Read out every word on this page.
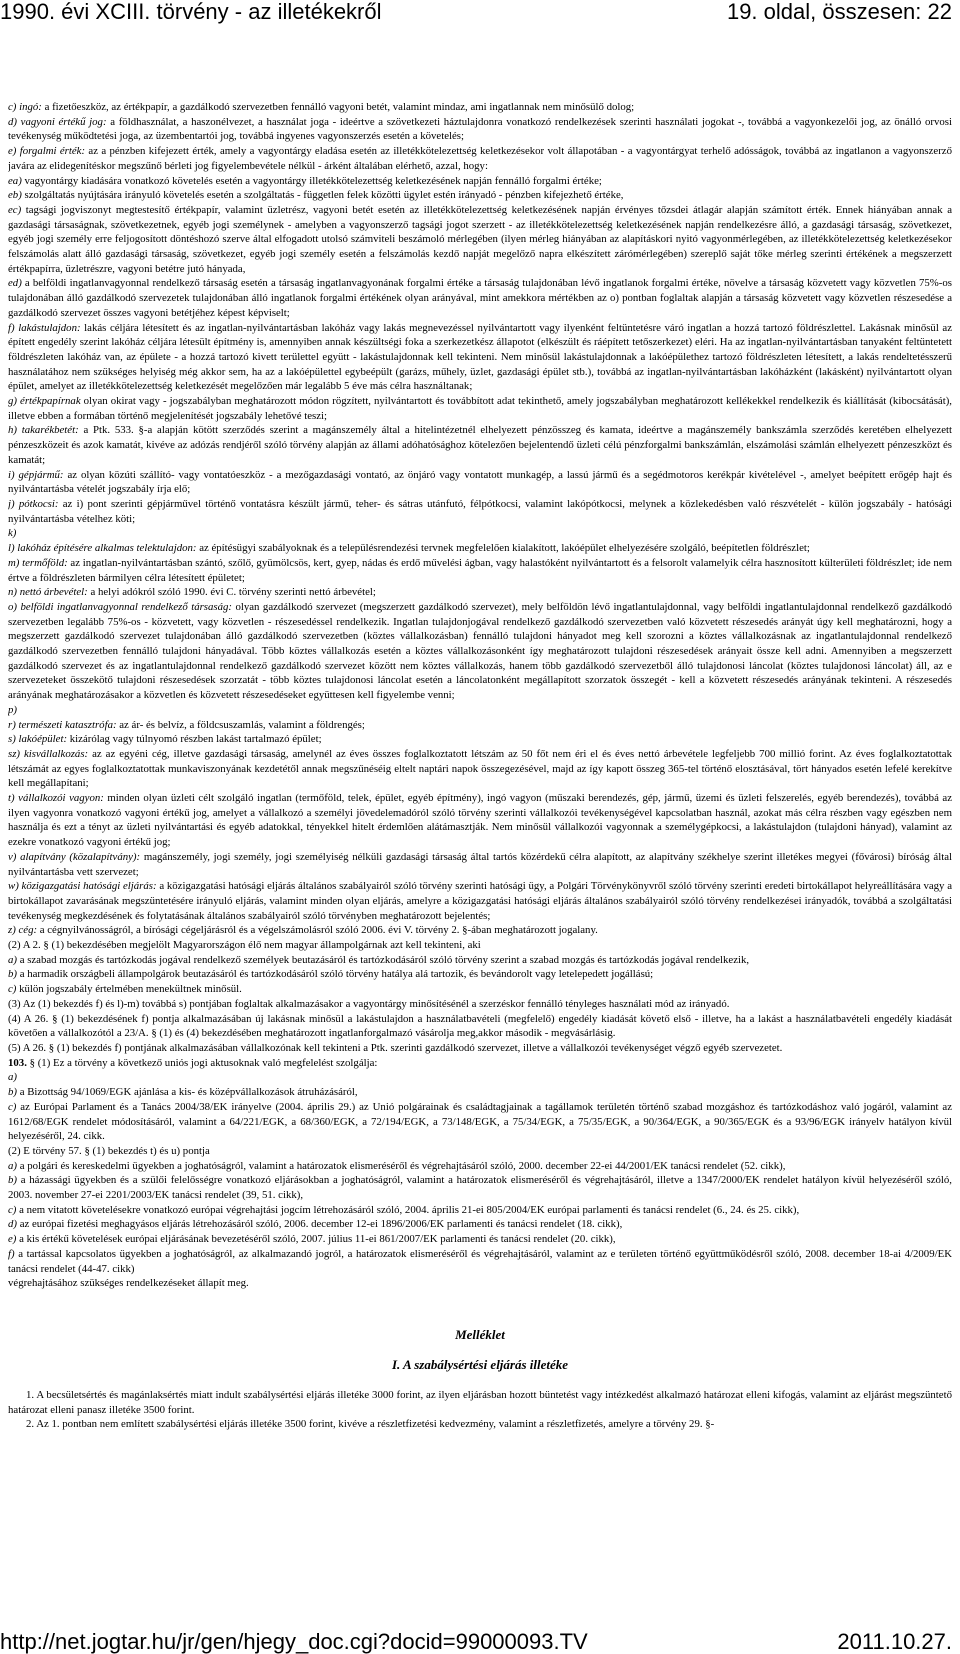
1990. évi XCIII. törvény - az illetékekről	19. oldal, összesen: 22

c) ingó: a fizetőeszköz, az értékpapír, a gazdálkodó szervezetben fennálló vagyoni betét, valamint mindaz, ami ingatlannak nem minősülő dolog;

d) vagyoni értékű jog: a földhasználat, a haszonélvezet, a használat joga - ideértve a szövetkezeti háztulajdonra vonatkozó rendelkezések szerinti használati jogokat -, továbbá a vagyonkezelői jog, az önálló orvosi tevékenység működtetési joga, az üzembentartói jog, továbbá ingyenes vagyonszerzés esetén a követelés;

e) forgalmi érték: az a pénzben kifejezett érték, amely a vagyontárgy eladása esetén az illetékkötelezettség keletkezésekor volt állapotában - a vagyontárgyat terhelő adósságok, továbbá az ingatlanon a vagyonszerző javára az elidegenítéskor megszűnő bérleti jog figyelembevétele nélkül - árként általában elérhető, azzal, hogy:

ea) vagyontárgy kiadására vonatkozó követelés esetén a vagyontárgy illetékkötelezettség keletkezésének napján fennálló forgalmi értéke;

eb) szolgáltatás nyújtására irányuló követelés esetén a szolgáltatás - független felek közötti ügylet estén irányadó - pénzben kifejezhető értéke,

ec) tagsági jogviszonyt megtestesítő értékpapír, valamint üzletrész, vagyoni betét esetén az illetékkötelezettség keletkezésének napján érvényes tőzsdei átlagár alapján számított érték. Ennek hiányában annak a gazdasági társaságnak, szövetkezetnek, egyéb jogi személynek - amelyben a vagyonszerző tagsági jogot szerzett - az illetékkötelezettség keletkezésének napján rendelkezésre álló, a gazdasági társaság, szövetkezet, egyéb jogi személy erre feljogosított döntéshozó szerve által elfogadott utolsó számviteli beszámoló mérlegében (ilyen mérleg hiányában az alapításkori nyitó vagyonmérlegében, az illetékkötelezettség keletkezésekor felszámolás alatt álló gazdasági társaság, szövetkezet, egyéb jogi személy esetén a felszámolás kezdő napját megelőző napra elkészített zárómérlegében) szereplő saját tőke mérleg szerinti értékének a megszerzett értékpapírra, üzletrészre, vagyoni betétre jutó hányada,

ed) a belföldi ingatlanvagyonnal rendelkező társaság esetén a társaság ingatlanvagyonának forgalmi értéke a társaság tulajdonában lévő ingatlanok forgalmi értéke, növelve a társaság közvetett vagy közvetlen 75%-os tulajdonában álló gazdálkodó szervezetek tulajdonában álló ingatlanok forgalmi értékének olyan arányával, mint amekkora mértékben az o) pontban foglaltak alapján a társaság közvetett vagy közvetlen részesedése a gazdálkodó szervezet összes vagyoni betétjéhez képest képviselt;

f) lakástulajdon: lakás céljára létesített és az ingatlan-nyilvántartásban lakóház vagy lakás megnevezéssel nyilvántartott vagy ilyenként feltüntetésre váró ingatlan a hozzá tartozó földrészlettel. Lakásnak minősül az épített engedély szerint lakóház céljára létesült építmény is, amennyiben annak készültségi foka a szerkezetkész állapotot (elkészült és ráépített tetőszerkezet) eléri. Ha az ingatlan-nyilvántartásban tanyaként feltüntetett földrészleten lakóház van, az épülete - a hozzá tartozó kivett területtel együtt - lakástulajdonnak kell tekinteni. Nem minősül lakástulajdonnak a lakóépülethez tartozó földrészleten létesített, a lakás rendeltetésszerű használatához nem szükséges helyiség még akkor sem, ha az a lakóépülettel egybeépült (garázs, műhely, üzlet, gazdasági épület stb.), továbbá az ingatlan-nyilvántartásban lakóházként (lakásként) nyilvántartott olyan épület, amelyet az illetékkötelezettség keletkezését megelőzően már legalább 5 éve más célra használtanak;

g) értékpapírnak olyan okirat vagy - jogszabályban meghatározott módon rögzített, nyilvántartott és továbbított adat tekinthető, amely jogszabályban meghatározott kellékekkel rendelkezik és kiállítását (kibocsátását), illetve ebben a formában történő megjelenítését jogszabály lehetővé teszi;

h) takarékbetét: a Ptk. 533. §-a alapján kötött szerződés szerint a magánszemély által a hitelintézetnél elhelyezett pénzösszeg és kamata, ideértve a magánszemély bankszámla szerződés keretében elhelyezett pénzeszközeit és azok kamatát, kivéve az adózás rendjéről szóló törvény alapján az állami adóhatósághoz kötelezően bejelentendő üzleti célú pénzforgalmi bankszámlán, elszámolási számlán elhelyezett pénzeszközt és kamatát;

i) gépjármű: az olyan közúti szállító- vagy vontatóeszköz - a mezőgazdasági vontató, az önjáró vagy vontatott munkagép, a lassú jármű és a segédmotoros kerékpár kivételével -, amelyet beépített erőgép hajt és nyilvántartásba vételét jogszabály írja elő;

j) pótkocsi: az i) pont szerinti gépjárművel történő vontatásra készült jármű, teher- és sátras utánfutó, félpótkocsi, valamint lakópótkocsi, melynek a közlekedésben való részvételét - külön jogszabály - hatósági nyilvántartásba vételhez köti;

k)

l) lakóház építésére alkalmas telektulajdon: az építésügyi szabályoknak és a településrendezési tervnek megfelelően kialakított, lakóépület elhelyezésére szolgáló, beépítetlen földrészlet;

m) termőföld: az ingatlan-nyilvántartásban szántó, szőlő, gyümölcsös, kert, gyep, nádas és erdő művelési ágban, vagy halastóként nyilvántartott és a felsorolt valamelyik célra hasznosított külterületi földrészlet; ide nem értve a földrészleten bármilyen célra létesített épületet;

n) nettó árbevétel: a helyi adókról szóló 1990. évi C. törvény szerinti nettó árbevétel;

o) belföldi ingatlanvagyonnal rendelkező társaság: olyan gazdálkodó szervezet (megszerzett gazdálkodó szervezet), mely belföldön lévő ingatlantulajdonnal, vagy belföldi ingatlantulajdonnal rendelkező gazdálkodó szervezetben legalább 75%-os - közvetett, vagy közvetlen - részesedéssel rendelkezik. Ingatlan tulajdonjogával rendelkező gazdálkodó szervezetben való közvetett részesedés arányát úgy kell meghatározni, hogy a megszerzett gazdálkodó szervezet tulajdonában álló gazdálkodó szervezetben (köztes vállalkozásban) fennálló tulajdoni hányadot meg kell szorozni a köztes vállalkozásnak az ingatlantulajdonnal rendelkező gazdálkodó szervezetben fennálló tulajdoni hányadával. Több köztes vállalkozás esetén a köztes vállalkozásonként így meghatározott tulajdoni részesedések arányait össze kell adni. Amennyiben a megszerzett gazdálkodó szervezet és az ingatlantulajdonnal rendelkező gazdálkodó szervezet között nem köztes vállalkozás, hanem több gazdálkodó szervezetből álló tulajdonosi láncolat (köztes tulajdonosi láncolat) áll, az e szervezeteket összekötő tulajdoni részesedések szorzatát - több köztes tulajdonosi láncolat esetén a láncolatonként megállapított szorzatok összegét - kell a közvetett részesedés arányának tekinteni. A részesedés arányának meghatározásakor a közvetlen és közvetett részesedéseket együttesen kell figyelembe venni;

p)

r) természeti katasztrófa: az ár- és belvíz, a földcsuszamlás, valamint a földrengés;

s) lakóépület: kizárólag vagy túlnyomó részben lakást tartalmazó épület;

sz) kisvállalkozás: az az egyéni cég, illetve gazdasági társaság, amelynél az éves összes foglalkoztatott létszám az 50 főt nem éri el és éves nettó árbevétele legfeljebb 700 millió forint. Az éves foglalkoztatottak létszámát az egyes foglalkoztatottak munkaviszonyának kezdetétől annak megszűnéséig eltelt naptári napok összegezésével, majd az így kapott összeg 365-tel történő elosztásával, tört hányados esetén lefelé kerekítve kell megállapítani;

t) vállalkozói vagyon: minden olyan üzleti célt szolgáló ingatlan (termőföld, telek, épület, egyéb építmény), ingó vagyon (műszaki berendezés, gép, jármű, üzemi és üzleti felszerelés, egyéb berendezés), továbbá az ilyen vagyonra vonatkozó vagyoni értékű jog, amelyet a vállalkozó a személyi jövedelemadóról szóló törvény szerinti vállalkozói tevékenységével kapcsolatban használ, azokat más célra részben vagy egészben nem használja és ezt a tényt az üzleti nyilvántartási és egyéb adatokkal, tényekkel hitelt érdemlően alátámasztják. Nem minősül vállalkozói vagyonnak a személygépkocsi, a lakástulajdon (tulajdoni hányad), valamint az ezekre vonatkozó vagyoni értékű jog;

v) alapítvány (közalapítvány): magánszemély, jogi személy, jogi személyiség nélküli gazdasági társaság által tartós közérdekű célra alapított, az alapítvány székhelye szerint illetékes megyei (fővárosi) bíróság által nyilvántartásba vett szervezet;

w) közigazgatási hatósági eljárás: a közigazgatási hatósági eljárás általános szabályairól szóló törvény szerinti hatósági ügy, a Polgári Törvénykönyvről szóló törvény szerinti eredeti birtokállapot helyreállítására vagy a birtokállapot zavarásának megszüntetésére irányuló eljárás, valamint minden olyan eljárás, amelyre a közigazgatási hatósági eljárás általános szabályairól szóló törvény rendelkezései irányadók, továbbá a szolgáltatási tevékenység megkezdésének és folytatásának általános szabályairól szóló törvényben meghatározott bejelentés;

z) cég: a cégnyilvánosságról, a bírósági cégeljárásról és a végelszámolásról szóló 2006. évi V. törvény 2. §-ában meghatározott jogalany.

(2) A 2. § (1) bekezdésében megjelölt Magyarországon élő nem magyar állampolgárnak azt kell tekinteni, aki

a) a szabad mozgás és tartózkodás jogával rendelkező személyek beutazásáról és tartózkodásáról szóló törvény szerint a szabad mozgás és tartózkodás jogával rendelkezik,

b) a harmadik országbeli állampolgárok beutazásáról és tartózkodásáról szóló törvény hatálya alá tartozik, és bevándorolt vagy letelepedett jogállású;

c) külön jogszabály értelmében menekültnek minősül.

(3) Az (1) bekezdés f) és l)-m) továbbá s) pontjában foglaltak alkalmazásakor a vagyontárgy minősítésénél a szerzéskor fennálló tényleges használati mód az irányadó.

(4) A 26. § (1) bekezdésének f) pontja alkalmazásában új lakásnak minősül a lakástulajdon a használatbavételi (megfelelő) engedély kiadását követő első - illetve, ha a lakást a használatbavételi engedély kiadását követően a vállalkozótól a 23/A. § (1) és (4) bekezdésében meghatározott ingatlanforgalmazó vásárolja meg,akkor második - megvásárlásig.

(5) A 26. § (1) bekezdés f) pontjának alkalmazásában vállalkozónak kell tekinteni a Ptk. szerinti gazdálkodó szervezet, illetve a vállalkozói tevékenységet végző egyéb szervezetet.

103. § (1) Ez a törvény a következő uniós jogi aktusoknak való megfelelést szolgálja:

a)

b) a Bizottság 94/1069/EGK ajánlása a kis- és középvállalkozások átruházásáról,

c) az Európai Parlament és a Tanács 2004/38/EK irányelve (2004. április 29.) az Unió polgárainak és családtagjainak a tagállamok területén történő szabad mozgáshoz és tartózkodáshoz való jogáról, valamint az 1612/68/EGK rendelet módosításáról, valamint a 64/221/EGK, a 68/360/EGK, a 72/194/EGK, a 73/148/EGK, a 75/34/EGK, a 75/35/EGK, a 90/364/EGK, a 90/365/EGK és a 93/96/EGK irányelv hatályon kívül helyezéséről, 24. cikk.

(2) E törvény 57. § (1) bekezdés t) és u) pontja

a) a polgári és kereskedelmi ügyekben a joghatóságról, valamint a határozatok elismeréséről és végrehajtásáról szóló, 2000. december 22-ei 44/2001/EK tanácsi rendelet (52. cikk),

b) a házassági ügyekben és a szülői felelősségre vonatkozó eljárásokban a joghatóságról, valamint a határozatok elismeréséről és végrehajtásáról, illetve a 1347/2000/EK rendelet hatályon kívül helyezéséről szóló, 2003. november 27-ei 2201/2003/EK tanácsi rendelet (39, 51. cikk),

c) a nem vitatott követelésekre vonatkozó európai végrehajtási jogcím létrehozásáról szóló, 2004. április 21-ei 805/2004/EK európai parlamenti és tanácsi rendelet (6., 24. és 25. cikk),

d) az európai fizetési meghagyásos eljárás létrehozásáról szóló, 2006. december 12-ei 1896/2006/EK parlamenti és tanácsi rendelet (18. cikk),

e) a kis értékű követelések európai eljárásának bevezetéséről szóló, 2007. július 11-ei 861/2007/EK parlamenti és tanácsi rendelet (20. cikk),

f) a tartással kapcsolatos ügyekben a joghatóságról, az alkalmazandó jogról, a határozatok elismeréséről és végrehajtásáról, valamint az e területen történő együttműködésről szóló, 2008. december 18-ai 4/2009/EK tanácsi rendelet (44-47. cikk)

végrehajtásához szükséges rendelkezéseket állapít meg.

Melléklet
I. A szabálysértési eljárás illetéke

1. A becsületsértés és magánlaksértés miatt indult szabálysértési eljárás illetéke 3000 forint, az ilyen eljárásban hozott büntetést vagy intézkedést alkalmazó határozat elleni kifogás, valamint az eljárást megszüntető határozat elleni panasz illetéke 3500 forint.

2. Az 1. pontban nem említett szabálysértési eljárás illetéke 3500 forint, kivéve a részletfizetési kedvezmény, valamint a részletfizetés, amelyre a törvény 29. §-

http://net.jogtar.hu/jr/gen/hjegy_doc.cgi?docid=99000093.TV	2011.10.27.
